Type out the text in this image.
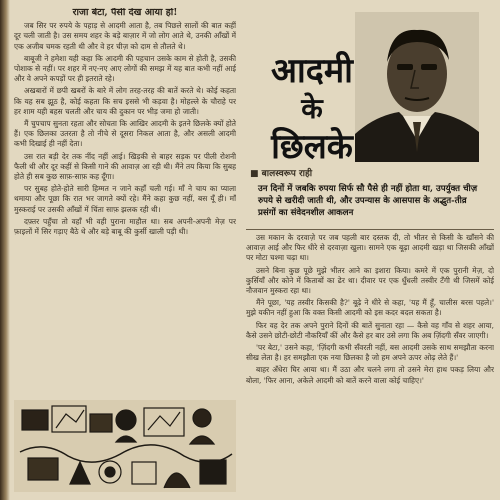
राजा बेटा, पैसी देख आया हो!

जब सिर पर रुपये के पहाड़ से आदमी आता है, तब पिछले सालों की बात कहीं दूर चली जाती है। उस समय शहर के बड़े बाज़ार में जो लोग आते थे, उनकी आँखों में एक अजीब चमक रहती थी और वे हर चीज़ को दाम से तौलते थे।

बाबूजी ने हमेशा यही कहा कि आदमी की पहचान उसके काम से होती है, उसकी पोशाक से नहीं। पर शहर में नए-नए आए लोगों की समझ में यह बात कभी नहीं आई और वे अपने कपड़ों पर ही इतराते रहे।

अखबारों में छपी खबरों के बारे में लोग तरह-तरह की बातें करते थे। कोई कहता कि यह सब झूठ है, कोई कहता कि सच इससे भी कड़वा है। मोहल्ले के चौराहे पर हर शाम यही बहस चलती और चाय की दुकान पर भीड़ जमा हो जाती।

मैं चुपचाप सुनता रहता और सोचता कि आखिर आदमी के इतने छिलके क्यों होते हैं। एक छिलका उतरता है तो नीचे से दूसरा निकल आता है, और असली आदमी कभी दिखाई ही नहीं देता।

उस रात बड़ी देर तक नींद नहीं आई। खिड़की से बाहर सड़क पर पीली रोशनी फैली थी और दूर कहीं से किसी गाने की आवाज़ आ रही थी। मैंने तय किया कि सुबह होते ही सब कुछ साफ़-साफ़ कह दूँगा।

पर सुबह होते-होते सारी हिम्मत न जाने कहाँ चली गई। माँ ने चाय का प्याला थमाया और पूछा कि रात भर जागते क्यों रहे। मैंने कहा कुछ नहीं, बस यूँ ही। माँ मुस्कराई पर उसकी आँखों में चिंता साफ़ झलक रही थी।

दफ़्तर पहुँचा तो वहाँ भी वही पुराना माहौल था। सब अपनी-अपनी मेज़ पर फ़ाइलों में सिर गड़ाए बैठे थे और बड़े बाबू की कुर्सी खाली पड़ी थी।

आदमी
के
छिलके
■ बालस्वरूप राही
उन दिनों में जबकि रुपया सिर्फ सौ पैसे ही नहीं होता था, उपर्युक्त चीज़ रुपये से खरीदी जाती थी, और उपन्यास के आसपास के अद्भुत-तीव्र प्रसंगों का संवेदनशील आकलन

उस मकान के दरवाज़े पर जब पहली बार दस्तक दी, तो भीतर से किसी के खाँसने की आवाज़ आई और फिर धीरे से दरवाज़ा खुला। सामने एक बूढ़ा आदमी खड़ा था जिसकी आँखों पर मोटा चश्मा चढ़ा था।

उसने बिना कुछ पूछे मुझे भीतर आने का इशारा किया। कमरे में एक पुरानी मेज़, दो कुर्सियाँ और कोने में किताबों का ढेर था। दीवार पर एक धुँधली तस्वीर टँगी थी जिसमें कोई नौजवान मुस्करा रहा था।

मैंने पूछा, 'यह तस्वीर किसकी है?' बूढ़े ने धीरे से कहा, 'यह मैं हूँ, चालीस बरस पहले।' मुझे यकीन नहीं हुआ कि वक्त किसी आदमी को इस कदर बदल सकता है।

फिर वह देर तक अपने पुराने दिनों की बातें सुनाता रहा — कैसे वह गाँव से शहर आया, कैसे उसने छोटी-छोटी नौकरियाँ कीं और कैसे हर बार उसे लगा कि अब ज़िंदगी सँवर जाएगी।

'पर बेटा,' उसने कहा, 'ज़िंदगी कभी सँवरती नहीं, बस आदमी उसके साथ समझौता करना सीख लेता है। हर समझौता एक नया छिलका है जो हम अपने ऊपर ओढ़ लेते हैं।'

बाहर अँधेरा घिर आया था। मैं उठा और चलने लगा तो उसने मेरा हाथ पकड़ लिया और बोला, 'फिर आना, अकेले आदमी को बातें करने वाला कोई चाहिए।'
